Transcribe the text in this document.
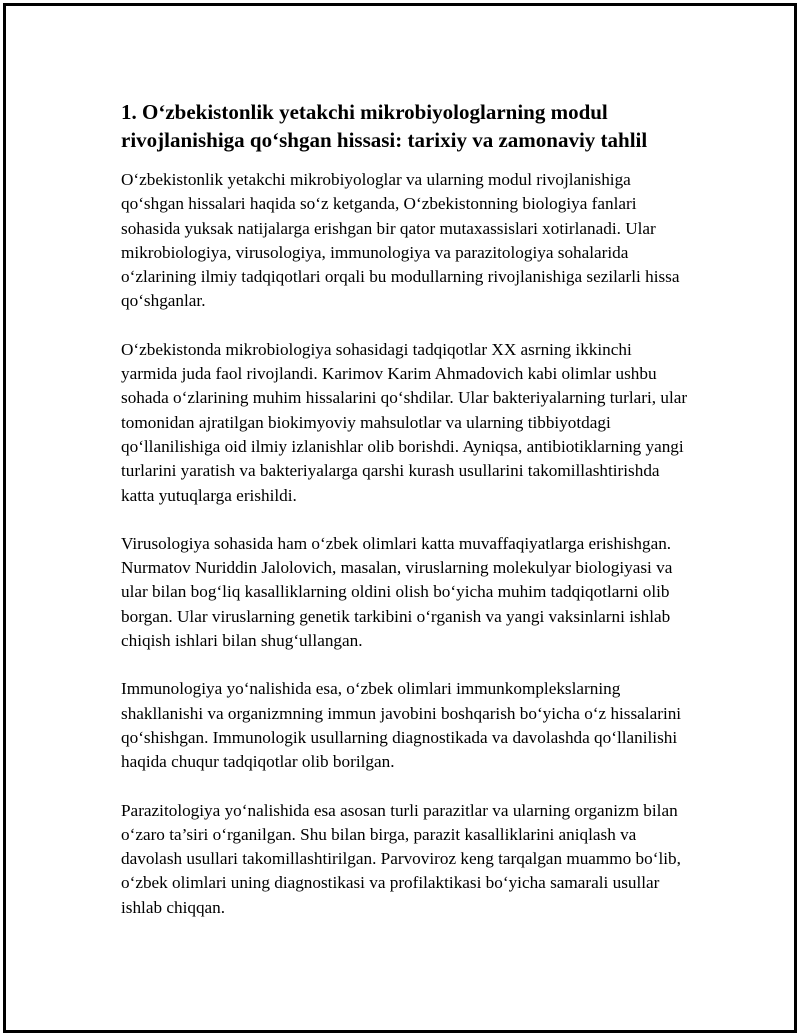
1. O‘zbekistonlik yetakchi mikrobiyologlarning modul rivojlanishiga qo‘shgan hissasi: tarixiy va zamonaviy tahlil

O‘zbekistonlik yetakchi mikrobiyologlar va ularning modul rivojlanishiga qo‘shgan hissalari haqida so‘z ketganda, O‘zbekistonning biologiya fanlari sohasida yuksak natijalarga erishgan bir qator mutaxassislari xotirlanadi. Ular mikrobiologiya, virusologiya, immunologiya va parazitologiya sohalarida o‘zlarining ilmiy tadqiqotlari orqali bu modullarning rivojlanishiga sezilarli hissa qo‘shganlar.

O‘zbekistonda mikrobiologiya sohasidagi tadqiqotlar XX asrning ikkinchi yarmida juda faol rivojlandi. Karimov Karim Ahmadovich kabi olimlar ushbu sohada o‘zlarining muhim hissalarini qo‘shdilar. Ular bakteriyalarning turlari, ular tomonidan ajratilgan biokimyoviy mahsulotlar va ularning tibbiyotdagi qo‘llanilishiga oid ilmiy izlanishlar olib borishdi. Ayniqsa, antibiotiklarning yangi turlarini yaratish va bakteriyalarga qarshi kurash usullarini takomillashtirishda katta yutuqlarga erishildi.

Virusologiya sohasida ham o‘zbek olimlari katta muvaffaqiyatlarga erishishgan. Nurmatov Nuriddin Jalolovich, masalan, viruslarning molekulyar biologiyasi va ular bilan bog‘liq kasalliklarning oldini olish bo‘yicha muhim tadqiqotlarni olib borgan. Ular viruslarning genetik tarkibini o‘rganish va yangi vaksinlarni ishlab chiqish ishlari bilan shug‘ullangan.

Immunologiya yo‘nalishida esa, o‘zbek olimlari immunkomplekslarning shakllanishi va organizmning immun javobini boshqarish bo‘yicha o‘z hissalarini qo‘shishgan. Immunologik usullarning diagnostikada va davolashda qo‘llanilishi haqida chuqur tadqiqotlar olib borilgan.

Parazitologiya yo‘nalishida esa asosan turli parazitlar va ularning organizm bilan o‘zaro ta’siri o‘rganilgan. Shu bilan birga, parazit kasalliklarini aniqlash va davolash usullari takomillashtirilgan. Parvoviroz keng tarqalgan muammo bo‘lib, o‘zbek olimlari uning diagnostikasi va profilaktikasi bo‘yicha samarali usullar ishlab chiqqan.
